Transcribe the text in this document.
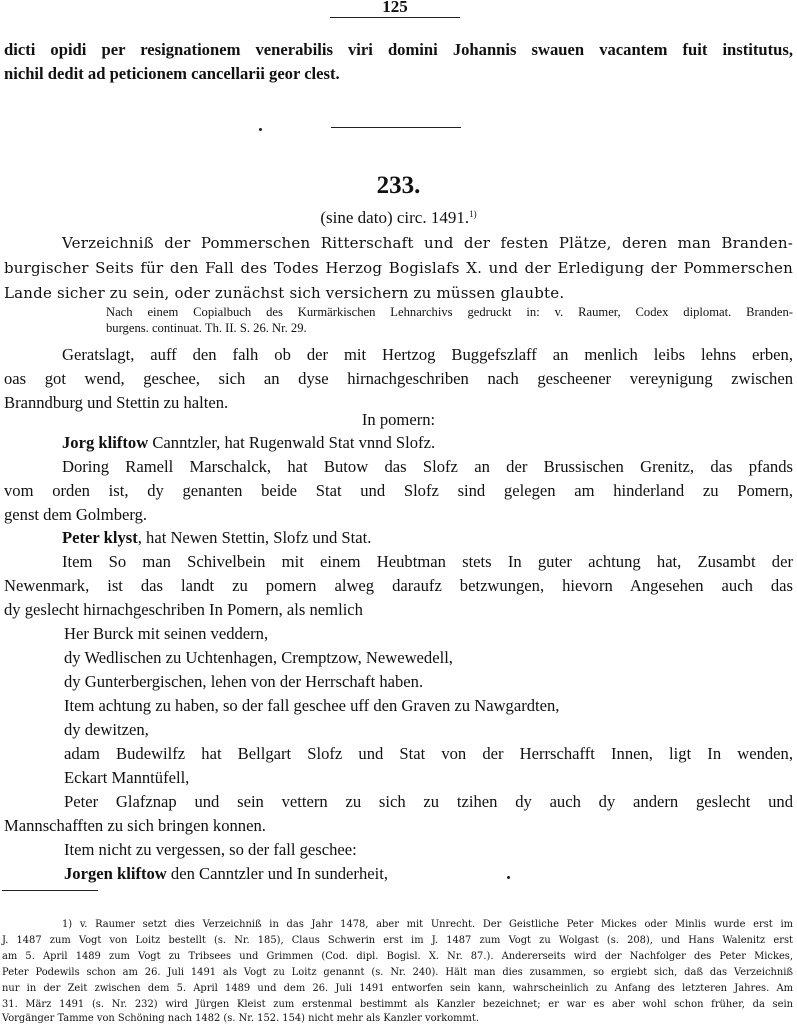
125
dicti opidi per resignationem venerabilis viri domini Johannis swauen vacantem fuit institutus,
nichil dedit ad peticionem cancellarii geor clest.
233.
(sine dato) circ. 1491.$^{1)}$
Verzeichniß der Pommerschen Ritterschaft und der festen Plätze, deren man Branden-
burgischer Seits für den Fall des Todes Herzog Bogislafs X. und der Erledigung der Pommerschen
Lande sicher zu sein, oder zunächst sich versichern zu müssen glaubte.
Nach einem Copialbuch des Kurmärkischen Lehnarchivs gedruckt in: v. Raumer, Codex diplomat. Branden-
burgens. continuat. Th. II. S. 26. Nr. 29.
Geratslagt, auff den falh ob der mit Hertzog Buggefszlaff an menlich leibs lehns erben,
oas got wend, geschee, sich an dyse hirnachgeschriben nach gescheener vereynigung zwischen
Branndburg und Stettin zu halten.
In pomern:
Jorg kliftow Canntzler, hat Rugenwald Stat vnnd Slofz.
Doring Ramell Marschalck, hat Butow das Slofz an der Brussischen Grenitz, das pfands
vom orden ist, dy genanten beide Stat und Slofz sind gelegen am hinderland zu Pomern,
genst dem Golmberg.
Peter klyst, hat Newen Stettin, Slofz und Stat.
Item So man Schivelbein mit einem Heubtman stets In guter achtung hat, Zusambt der
Newenmark, ist das landt zu pomern alweg daraufz betzwungen, hievorn Angesehen auch das
dy geslecht hirnachgeschriben In Pomern, als nemlich
Her Burck mit seinen veddern,
dy Wedlischen zu Uchtenhagen, Cremptzow, Newewedell,
dy Gunterbergischen, lehen von der Herrschaft haben.
Item achtung zu haben, so der fall geschee uff den Graven zu Nawgardten,
dy dewitzen,
adam Budewilfz hat Bellgart Slofz und Stat von der Herrschafft Innen, ligt In wenden,
Eckart Manntüfell,
Peter Glafznap und sein vettern zu sich zu tzihen dy auch dy andern geslecht und
Mannschafften zu sich bringen konnen.
Item nicht zu vergessen, so der fall geschee:
Jorgen kliftow den Canntzler und In sunderheit,
1) v. Raumer setzt dies Verzeichniß in das Jahr 1478, aber mit Unrecht. Der Geistliche Peter Mickes oder Minlis wurde erst im
J. 1487 zum Vogt von Loitz bestellt (s. Nr. 185), Claus Schwerin erst im J. 1487 zum Vogt zu Wolgast (s. 208), und Hans Walenitz erst
am 5. April 1489 zum Vogt zu Tribsees und Grimmen (Cod. dipl. Bogisl. X. Nr. 87.). Andererseits wird der Nachfolger des Peter Mickes,
Peter Podewils schon am 26. Juli 1491 als Vogt zu Loitz genannt (s. Nr. 240). Hält man dies zusammen, so ergiebt sich, daß das Verzeichniß
nur in der Zeit zwischen dem 5. April 1489 und dem 26. Juli 1491 entworfen sein kann, wahrscheinlich zu Anfang des letzteren Jahres. Am
31. März 1491 (s. Nr. 232) wird Jürgen Kleist zum erstenmal bestimmt als Kanzler bezeichnet; er war es aber wohl schon früher, da sein
Vorgänger Tamme von Schöning nach 1482 (s. Nr. 152. 154) nicht mehr als Kanzler vorkommt.
